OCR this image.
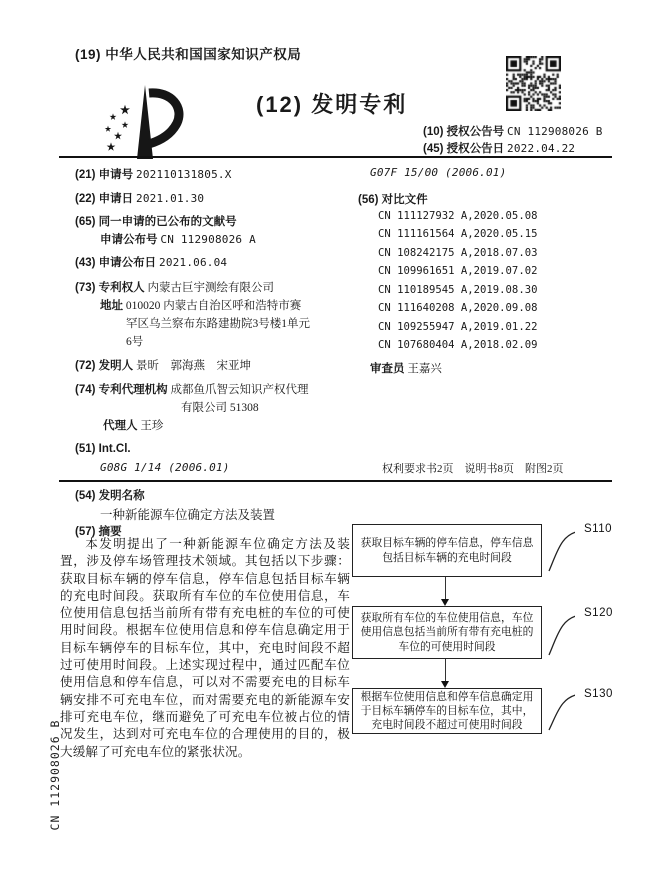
(19) 中华人民共和国国家知识产权局
(12) 发明专利
(10) 授权公告号 CN 112908026 B
(45) 授权公告日 2022.04.22
(21) 申请号 202110131805.X
(22) 申请日 2021.01.30
(65) 同一申请的已公布的文献号
申请公布号 CN 112908026 A
(43) 申请公布日 2021.06.04
(73) 专利权人 内蒙古巨宇测绘有限公司
地址 010020 内蒙古自治区呼和浩特市赛
罕区乌兰察布东路建勘院3号楼1单元
6号
(72) 发明人 景昕　郭海燕　宋亚坤
(74) 专利代理机构 成都鱼爪智云知识产权代理
有限公司 51308
代理人 王珍
(51) Int.Cl.
G08G 1/14 (2006.01)
G07F 15/00 (2006.01)
(56) 对比文件
CN 111127932 A,2020.05.08
CN 111161564 A,2020.05.15
CN 108242175 A,2018.07.03
CN 109961651 A,2019.07.02
CN 110189545 A,2019.08.30
CN 111640208 A,2020.09.08
CN 109255947 A,2019.01.22
CN 107680404 A,2018.02.09
审查员 王嘉兴
权利要求书2页　说明书8页　附图2页
(54) 发明名称
一种新能源车位确定方法及装置
(57) 摘要
本发明提出了一种新能源车位确定方法及装置，涉及停车场管理技术领域。其包括以下步骤：获取目标车辆的停车信息，停车信息包括目标车辆的充电时间段。获取所有车位的车位使用信息，车位使用信息包括当前所有带有充电桩的车位的可使用时间段。根据车位使用信息和停车信息确定用于目标车辆停车的目标车位，其中，充电时间段不超过可使用时间段。上述实现过程中，通过匹配车位使用信息和停车信息，可以对不需要充电的目标车辆安排不可充电车位，而对需要充电的新能源车安排可充电车位，继而避免了可充电车位被占位的情况发生，达到对可充电车位的合理使用的目的，极大缓解了可充电车位的紧张状况。
获取目标车辆的停车信息，停车信息包括目标车辆的充电时间段
S110
获取所有车位的车位使用信息，车位使用信息包括当前所有带有充电桩的车位的可使用时间段
S120
根据车位使用信息和停车信息确定用于目标车辆停车的目标车位，其中，充电时间段不超过可使用时间段
S130
CN 112908026 B
